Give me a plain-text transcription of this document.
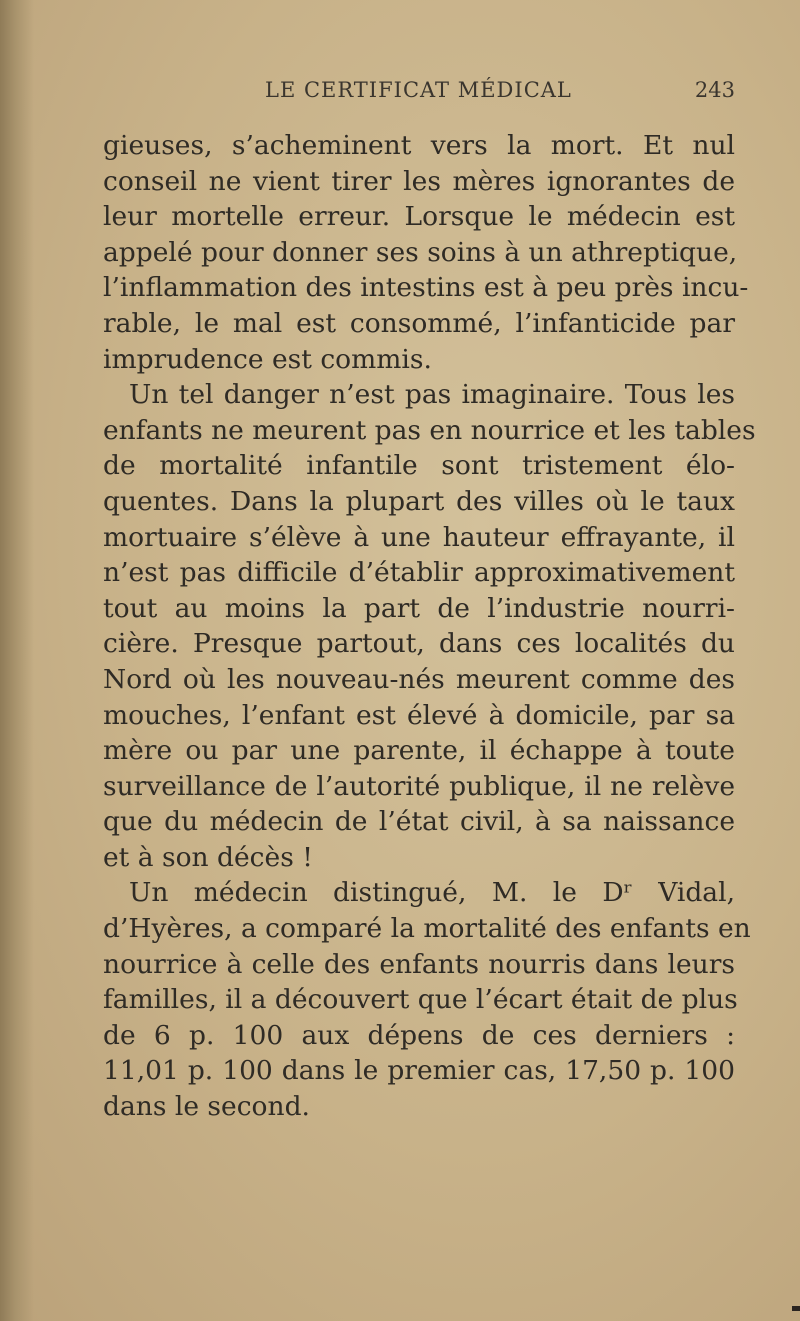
LE CERTIFICAT MÉDICAL	243
gieuses, s’acheminent vers la mort. Et nul
conseil ne vient tirer les mères ignorantes de
leur mortelle erreur. Lorsque le médecin est
appelé pour donner ses soins à un athreptique,
l’inflammation des intestins est à peu près incu-
rable, le mal est consommé, l’infanticide par
imprudence est commis.
Un tel danger n’est pas imaginaire. Tous les
enfants ne meurent pas en nourrice et les tables
de mortalité infantile sont tristement élo-
quentes. Dans la plupart des villes où le taux
mortuaire s’élève à une hauteur effrayante, il
n’est pas difficile d’établir approximativement
tout au moins la part de l’industrie nourri-
cière. Presque partout, dans ces localités du
Nord où les nouveau-nés meurent comme des
mouches, l’enfant est élevé à domicile, par sa
mère ou par une parente, il échappe à toute
surveillance de l’autorité publique, il ne relève
que du médecin de l’état civil, à sa naissance
et à son décès !
Un médecin distingué, M. le Dʳ Vidal,
d’Hyères, a comparé la mortalité des enfants en
nourrice à celle des enfants nourris dans leurs
familles, il a découvert que l’écart était de plus
de 6 p. 100 aux dépens de ces derniers :
11,01 p. 100 dans le premier cas, 17,50 p. 100
dans le second.
